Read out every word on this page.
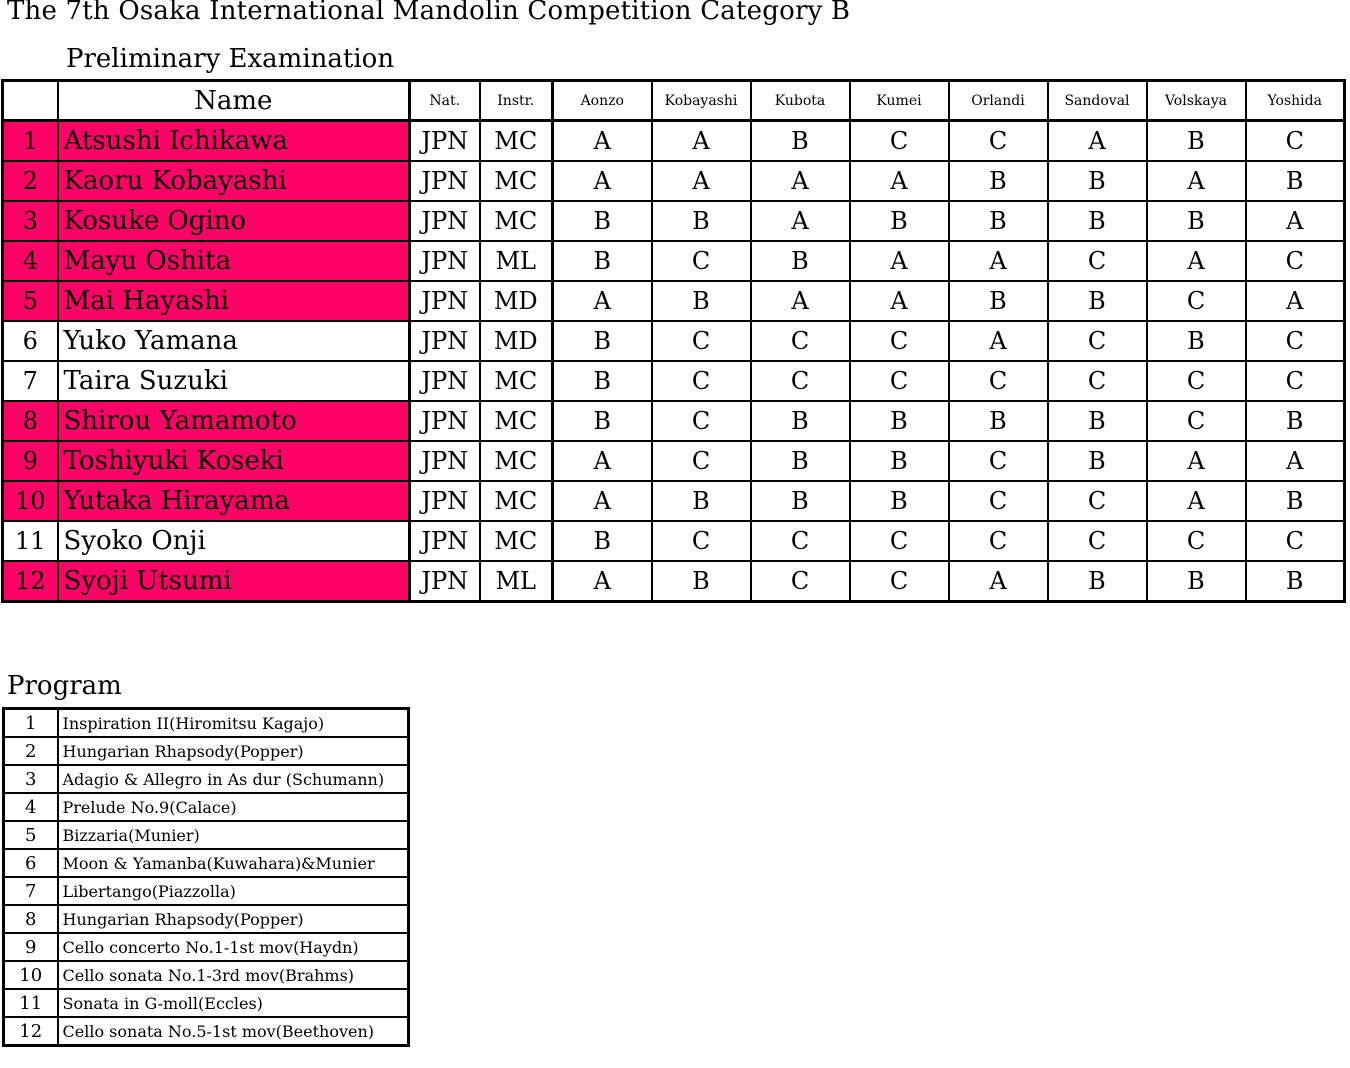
The 7th Osaka International Mandolin Competition Category B
Preliminary Examination
	Name	Nat.	Instr.	Aonzo	Kobayashi	Kubota	Kumei	Orlandi	Sandoval	Volskaya	Yoshida
1	Atsushi Ichikawa	JPN	MC	A	A	B	C	C	A	B	C
2	Kaoru Kobayashi	JPN	MC	A	A	A	A	B	B	A	B
3	Kosuke Ogino	JPN	MC	B	B	A	B	B	B	B	A
4	Mayu Oshita	JPN	ML	B	C	B	A	A	C	A	C
5	Mai Hayashi	JPN	MD	A	B	A	A	B	B	C	A
6	Yuko Yamana	JPN	MD	B	C	C	C	A	C	B	C
7	Taira Suzuki	JPN	MC	B	C	C	C	C	C	C	C
8	Shirou Yamamoto	JPN	MC	B	C	B	B	B	B	C	B
9	Toshiyuki Koseki	JPN	MC	A	C	B	B	C	B	A	A
10	Yutaka Hirayama	JPN	MC	A	B	B	B	C	C	A	B
11	Syoko Onji	JPN	MC	B	C	C	C	C	C	C	C
12	Syoji Utsumi	JPN	ML	A	B	C	C	A	B	B	B
Program
1	Inspiration II(Hiromitsu Kagajo)
2	Hungarian Rhapsody(Popper)
3	Adagio & Allegro in As dur (Schumann)
4	Prelude No.9(Calace)
5	Bizzaria(Munier)
6	Moon & Yamanba(Kuwahara)&Munier
7	Libertango(Piazzolla)
8	Hungarian Rhapsody(Popper)
9	Cello concerto No.1-1st mov(Haydn)
10	Cello sonata No.1-3rd mov(Brahms)
11	Sonata in G-moll(Eccles)
12	Cello sonata No.5-1st mov(Beethoven)
